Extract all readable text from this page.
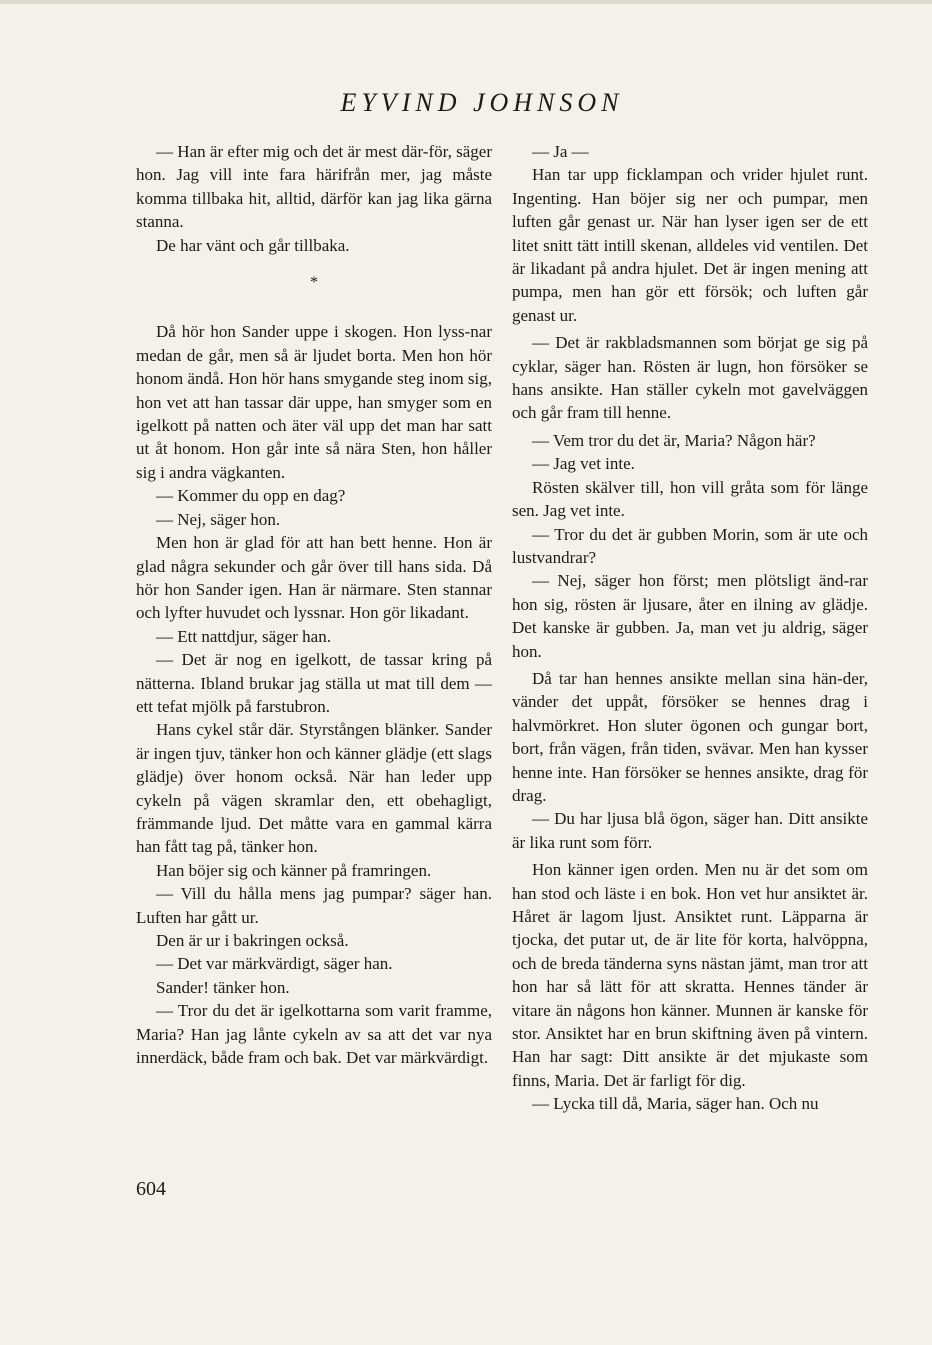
EYVIND JOHNSON

— Han är efter mig och det är mest där-för, säger hon. Jag vill inte fara härifrån mer, jag måste komma tillbaka hit, alltid, därför kan jag lika gärna stanna.

De har vänt och går tillbaka.

*

Då hör hon Sander uppe i skogen. Hon lyss-nar medan de går, men så är ljudet borta. Men hon hör honom ändå. Hon hör hans smygande steg inom sig, hon vet att han tassar där uppe, han smyger som en igelkott på natten och äter väl upp det man har satt ut åt honom. Hon går inte så nära Sten, hon håller sig i andra vägkanten.

— Kommer du opp en dag?

— Nej, säger hon.

Men hon är glad för att han bett henne. Hon är glad några sekunder och går över till hans sida. Då hör hon Sander igen. Han är närmare. Sten stannar och lyfter huvudet och lyssnar. Hon gör likadant.

— Ett nattdjur, säger han.

— Det är nog en igelkott, de tassar kring på nätterna. Ibland brukar jag ställa ut mat till dem — ett tefat mjölk på farstubron.

Hans cykel står där. Styrstången blänker. Sander är ingen tjuv, tänker hon och känner glädje (ett slags glädje) över honom också. När han leder upp cykeln på vägen skramlar den, ett obehagligt, främmande ljud. Det måtte vara en gammal kärra han fått tag på, tänker hon.

Han böjer sig och känner på framringen.

— Vill du hålla mens jag pumpar? säger han. Luften har gått ur.

Den är ur i bakringen också.

— Det var märkvärdigt, säger han.

Sander! tänker hon.

— Tror du det är igelkottarna som varit framme, Maria? Han jag lånte cykeln av sa att det var nya innerdäck, både fram och bak. Det var märkvärdigt.

— Ja —

Han tar upp ficklampan och vrider hjulet runt. Ingenting. Han böjer sig ner och pumpar, men luften går genast ur. När han lyser igen ser de ett litet snitt tätt intill skenan, alldeles vid ventilen. Det är likadant på andra hjulet. Det är ingen mening att pumpa, men han gör ett försök; och luften går genast ur.

— Det är rakbladsmannen som börjat ge sig på cyklar, säger han. Rösten är lugn, hon försöker se hans ansikte. Han ställer cykeln mot gavelväggen och går fram till henne.

— Vem tror du det är, Maria? Någon här?

— Jag vet inte.

Rösten skälver till, hon vill gråta som för länge sen. Jag vet inte.

— Tror du det är gubben Morin, som är ute och lustvandrar?

— Nej, säger hon först; men plötsligt änd-rar hon sig, rösten är ljusare, åter en ilning av glädje. Det kanske är gubben. Ja, man vet ju aldrig, säger hon.

Då tar han hennes ansikte mellan sina hän-der, vänder det uppåt, försöker se hennes drag i halvmörkret. Hon sluter ögonen och gungar bort, bort, från vägen, från tiden, svävar. Men han kysser henne inte. Han försöker se hennes ansikte, drag för drag.

— Du har ljusa blå ögon, säger han. Ditt ansikte är lika runt som förr.

Hon känner igen orden. Men nu är det som om han stod och läste i en bok. Hon vet hur ansiktet är. Håret är lagom ljust. Ansiktet runt. Läpparna är tjocka, det putar ut, de är lite för korta, halvöppna, och de breda tänderna syns nästan jämt, man tror att hon har så lätt för att skratta. Hennes tänder är vitare än någons hon känner. Munnen är kanske för stor. Ansiktet har en brun skiftning även på vintern. Han har sagt: Ditt ansikte är det mjukaste som finns, Maria. Det är farligt för dig.

— Lycka till då, Maria, säger han. Och nu

604
